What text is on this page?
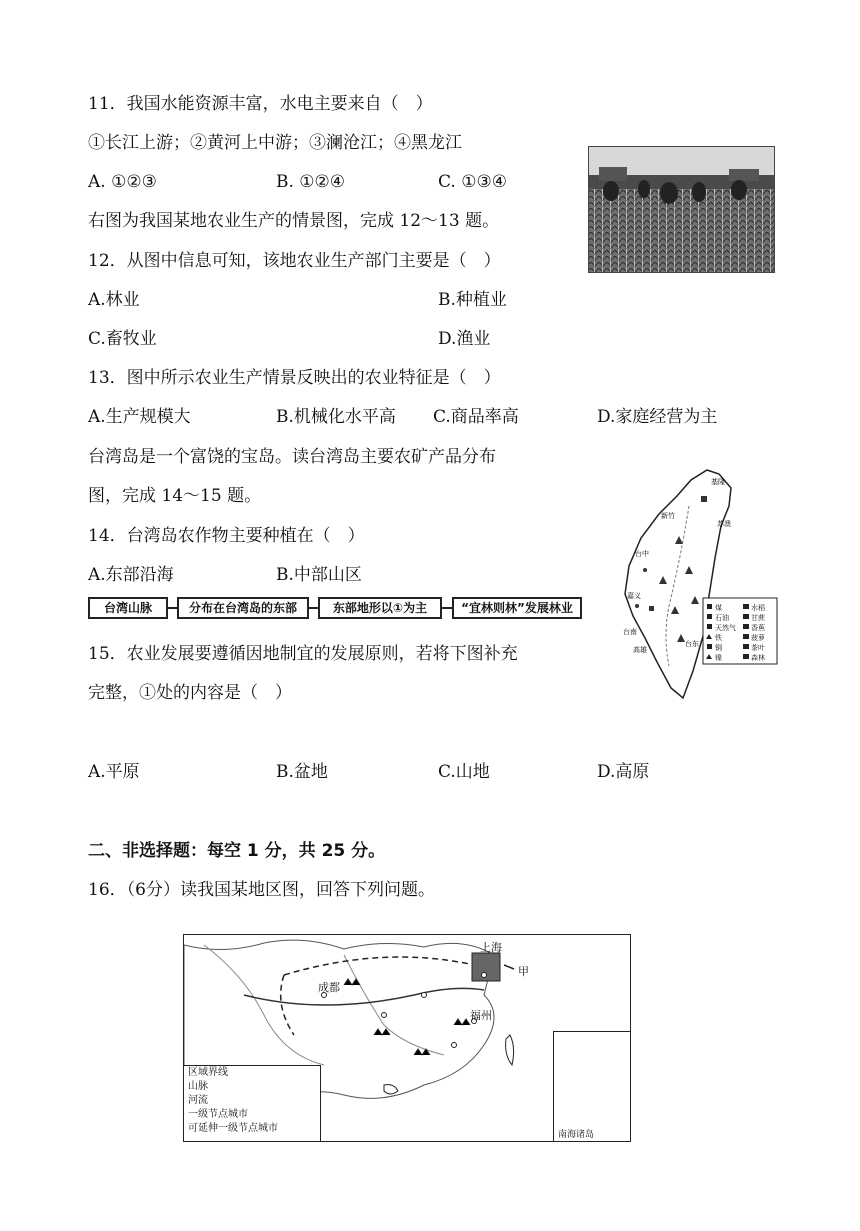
11．我国水能资源丰富，水电主要来自（　）
①长江上游；②黄河上中游；③澜沧江；④黑龙江
A. ①②③	B. ①②④	C. ①③④
右图为我国某地农业生产的情景图，完成 12～13 题。
12．从图中信息可知，该地农业生产部门主要是（　）
A.林业	B.种植业
C.畜牧业	D.渔业
13．图中所示农业生产情景反映出的农业特征是（　）
A.生产规模大	B.机械化水平高 C.商品率高	D.家庭经营为主
台湾岛是一个富饶的宝岛。读台湾岛主要农矿产品分布
图，完成 14～15 题。
14．台湾岛农作物主要种植在（　）
A.东部沿海	B.中部山区
台湾山脉	分布在台湾岛的东部	东部地形以①为主	“宜林则林”发展林业
基隆
新竹
苏澳
台中
嘉义
台南
台东
高雄
煤
石油
天然气
铁
铜
镍
水稻
甘蔗
香蕉
菠萝
茶叶
森林
15．农业发展要遵循因地制宜的发展原则，若将下图补充
完整，①处的内容是（　）
A.平原	B.盆地	C.山地	D.高原
二、非选择题：每空 1 分，共 25 分。
16．（6分）读我国某地区图，回答下列问题。
上海
成都
福州
甲
区域界线
山脉
河流
一级节点城市
可延伸一级节点城市
南海诸岛
